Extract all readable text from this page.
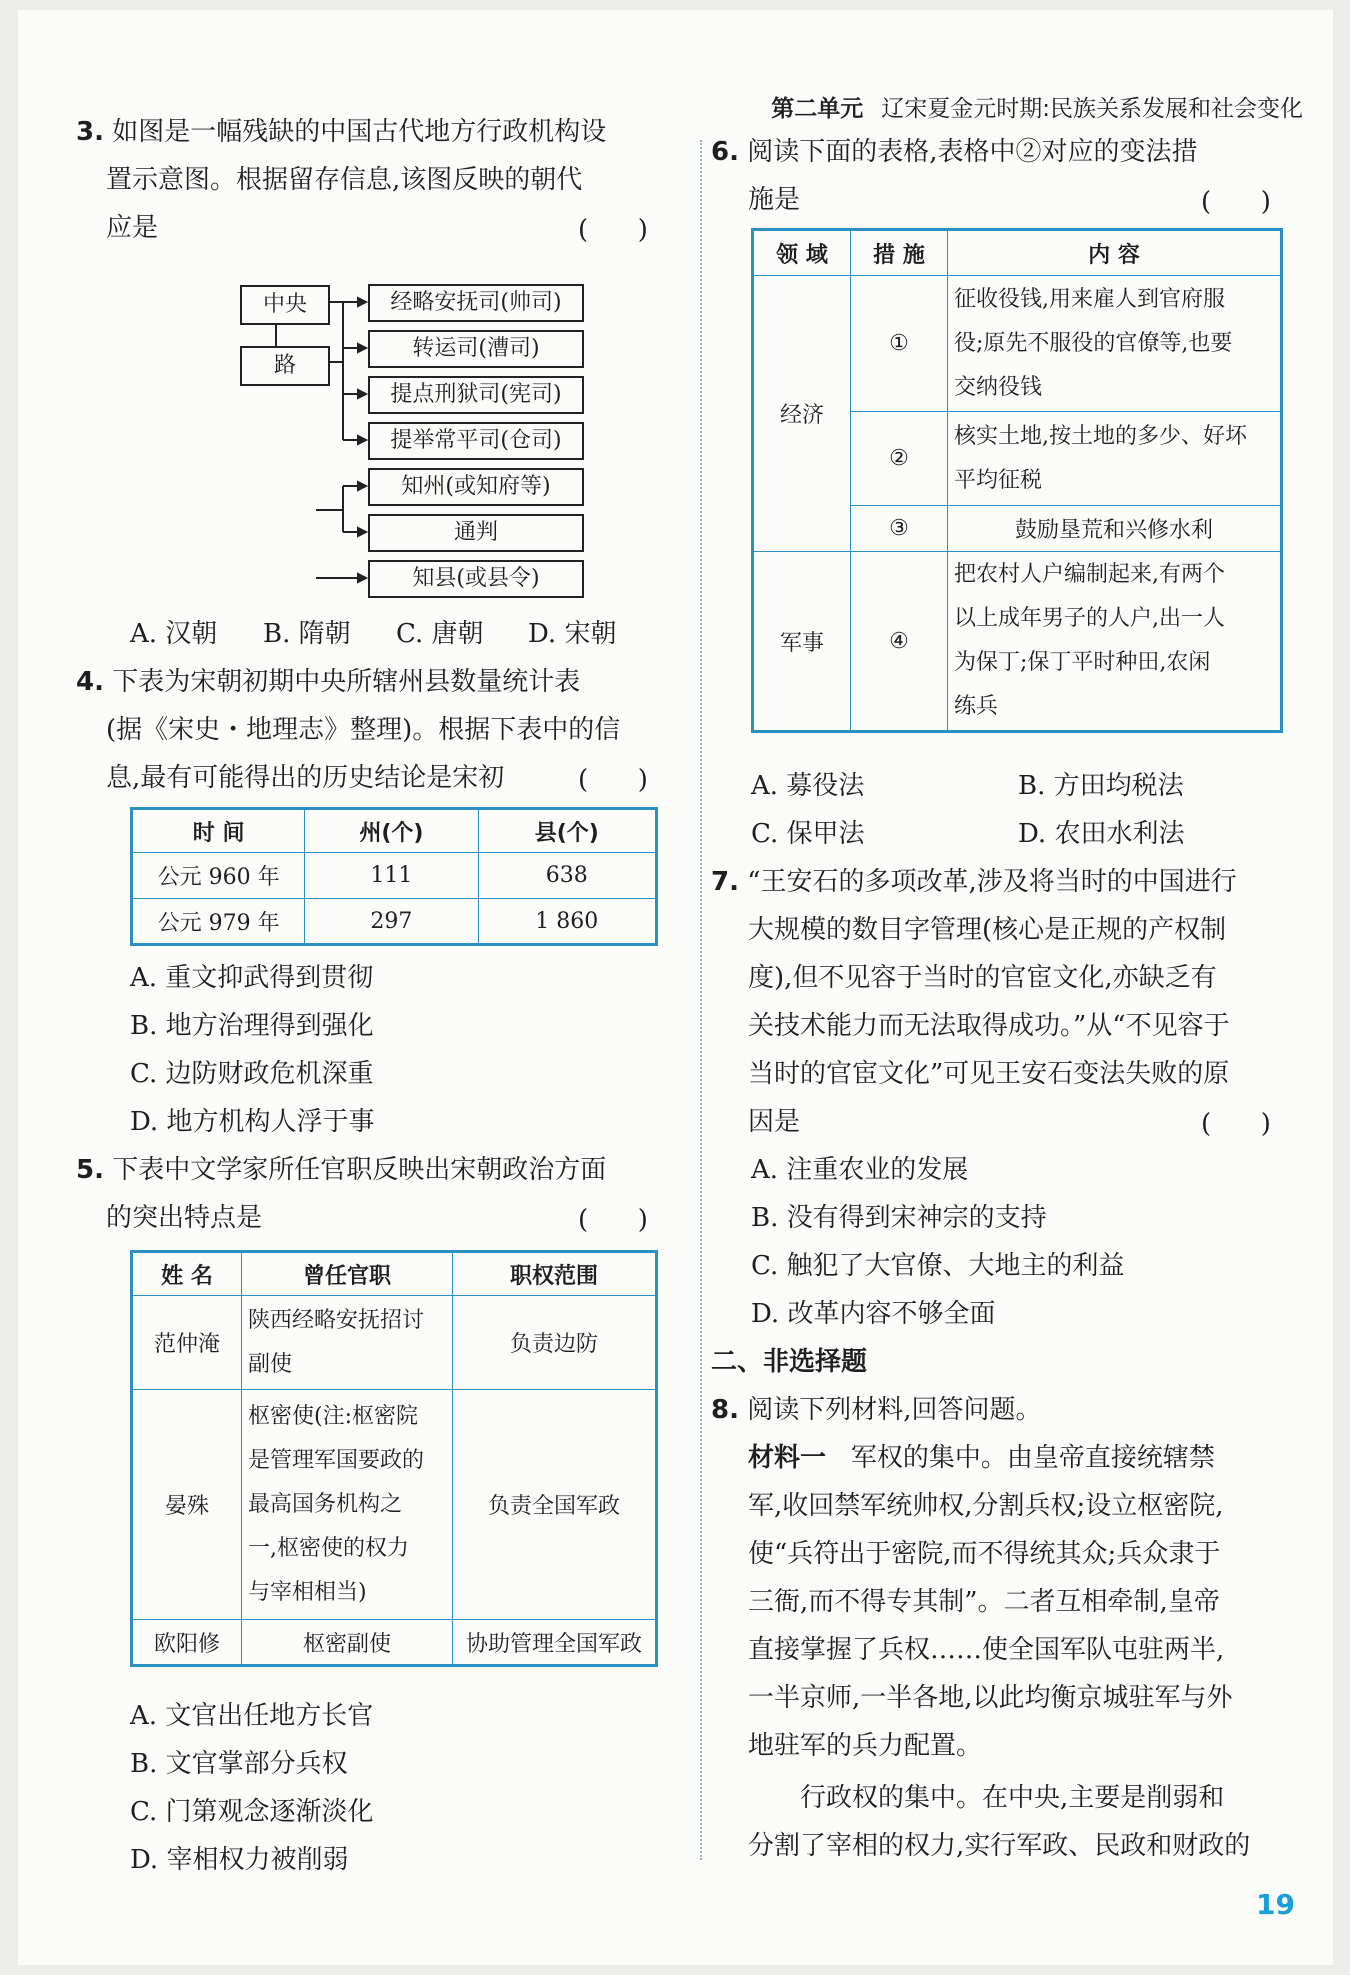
第二单元 辽宋夏金元时期:民族关系发展和社会变化
3. 如图是一幅残缺的中国古代地方行政机构设
置示意图。根据留存信息,该图反映的朝代
应是	(      )
中央
路
经略安抚司(帅司)
转运司(漕司)
提点刑狱司(宪司)
提举常平司(仓司)
知州(或知府等)
通判
知县(或县令)
A. 汉朝 B. 隋朝 C. 唐朝 D. 宋朝
4. 下表为宋朝初期中央所辖州县数量统计表
(据《宋史・地理志》整理)。根据下表中的信
息,最有可能得出的历史结论是宋初	(      )
时 间	州(个)	县(个)
公元 960 年	111	638
公元 979 年	297	1 860
A. 重文抑武得到贯彻
B. 地方治理得到强化
C. 边防财政危机深重
D. 地方机构人浮于事
5. 下表中文学家所任官职反映出宋朝政治方面
的突出特点是	(      )
姓 名	曾任官职	职权范围
范仲淹	陕西经略安抚招讨
副使	负责边防
晏殊	枢密使(注:枢密院
是管理军国要政的
最高国务机构之
一,枢密使的权力
与宰相相当)	负责全国军政
欧阳修	枢密副使	协助管理全国军政
A. 文官出任地方长官
B. 文官掌部分兵权
C. 门第观念逐渐淡化
D. 宰相权力被削弱
6. 阅读下面的表格,表格中②对应的变法措
施是	(      )
领 域	措 施	内 容
经济	①	征收役钱,用来雇人到官府服
役;原先不服役的官僚等,也要
交纳役钱

	②	核实土地,按土地的多少、好坏
平均征税

	③	鼓励垦荒和兴修水利
军事	④	把农村人户编制起来,有两个
以上成年男子的人户,出一人
为保丁;保丁平时种田,农闲
练兵
A. 募役法	B. 方田均税法
C. 保甲法	D. 农田水利法
7. “王安石的多项改革,涉及将当时的中国进行
大规模的数目字管理(核心是正规的产权制
度),但不见容于当时的官宦文化,亦缺乏有
关技术能力而无法取得成功。”从“不见容于
当时的官宦文化”可见王安石变法失败的原
因是	(      )
A. 注重农业的发展
B. 没有得到宋神宗的支持
C. 触犯了大官僚、大地主的利益
D. 改革内容不够全面
二、非选择题
8. 阅读下列材料,回答问题。
材料一 军权的集中。由皇帝直接统辖禁
军,收回禁军统帅权,分割兵权;设立枢密院,
使“兵符出于密院,而不得统其众;兵众隶于
三衙,而不得专其制”。二者互相牵制,皇帝
直接掌握了兵权……使全国军队屯驻两半,
一半京师,一半各地,以此均衡京城驻军与外
地驻军的兵力配置。
行政权的集中。在中央,主要是削弱和
分割了宰相的权力,实行军政、民政和财政的
19
